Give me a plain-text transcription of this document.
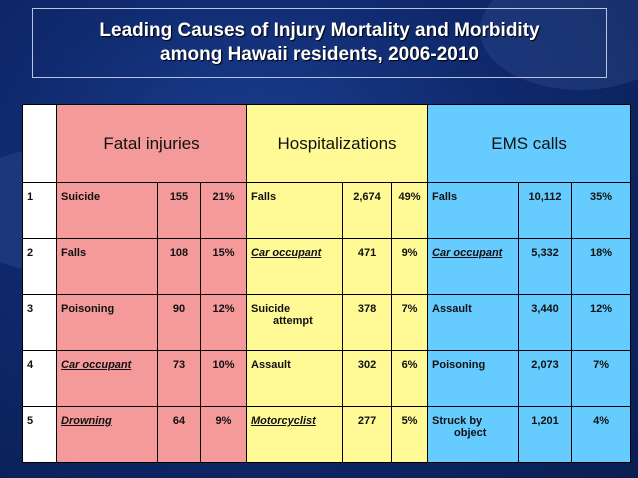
Leading Causes of Injury Mortality and Morbidity
among Hawaii residents, 2006-2010
	Fatal injuries			Hospitalizations			EMS calls		
1	Suicide	155	21%	Falls	2,674	49%	Falls	10,112	35%
2	Falls	108	15%	Car occupant	471	9%	Car occupant	5,332	18%
3	Poisoning	90	12%	Suicide
attempt	378	7%	Assault	3,440	12%
4	Car occupant	73	10%	Assault	302	6%	Poisoning	2,073	7%
5	Drowning	64	9%	Motorcyclist	277	5%	Struck by
object	1,201	4%
